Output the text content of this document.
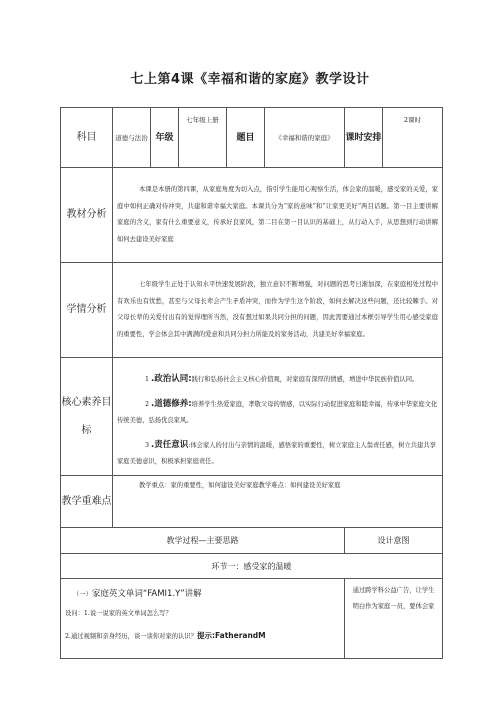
七上第4课《幸福和谐的家庭》教学设计
科目	道德与法治	年级	七年级上册	题目	《幸福和谐的家庭》	课时安排	2课时
教材分析	本课是本册的第四课，从家庭角度为切入点，指引学生能用心观察生活，体会家的温暖，感受家的关爱，家庭中如何正确对待冲突，共建和谐幸福大家庭。本课共分为“家的意味”和“让家更美好”两目话题。第一目主要讲解家庭的含义，家有什么重要意义，传承好良家风，第二目在第一目认识的基础上，从行动入手，从思想到行动讲解如何去建设美好家庭						
学情分析	七年级学生正处于认知水平快速发展阶段，独立意识不断增强，对问题的思考日渐加深，在家庭相处过程中有欢乐也有忧愁，甚至与父母长辈会产生矛盾冲突，而作为学生这个阶段，如何去解决这些问题，还比较棘手。对父母长辈的关爱付出有的觉得理所当然，没有想过如果共同分担的问题，因此需要通过本框引导学生用心感受家庭的重要性，学会体会其中满满的爱意和共同分担力所能及的家务活动，共建美好幸福家庭。						
核心素养目标	1 .政治认同:践行和弘扬社会主义核心价值观，对家庭有深厚的情感，增进中华民族价值认同。
2 .道德修养:培养学生热爱家庭，孝敬父母的情感，以实际行动促进家庭和睦幸福，传承中华家庭文化传统美德，弘扬优良家风。
3 .责任意识:体会家人的付出与亲情的温暖，感悟家的重要性，树立家庭主人翁责任感，树立共建共享家庭美德意识，积极承担家庭责任。						

教学重难点	教学重点：家的重要性，如何建设美好家庭教学难点：如何建设美好家庭						
教学过程—主要思路						设计意图	
环节一：感受家的温暖							

（一）家庭英文单词“FAMI1.Y”讲解
设问：1.说一说家的英文单词怎么写？
2.通过视频和亲身经历，谈一谈你对家的认识？提示:FatherandM						通过跨学科公益广告，让学生明白作为家庭一员，要体会家	
